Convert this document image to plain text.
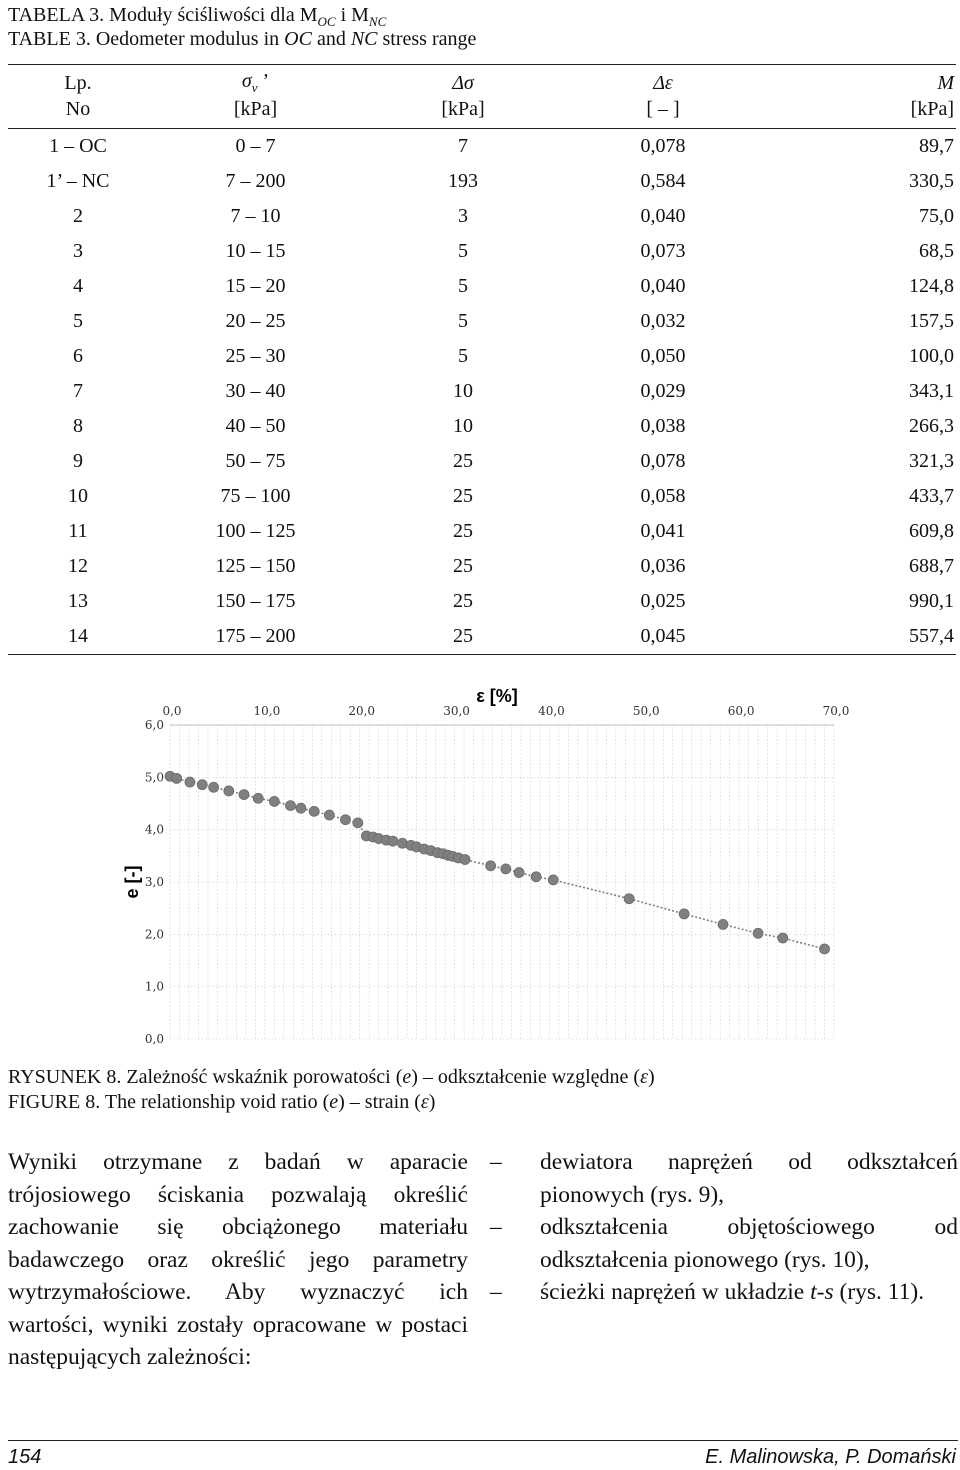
TABELA 3. Moduły ściśliwości dla $M_{OC}$ i $M_{NC}$
TABLE 3. Oedometer modulus in OC and NC stress range
Lp.	$\sigma_v$ ’	Δσ	Δε	M
No	[kPa]	[kPa]	[ – ]	[kPa]
1 – OC	0 – 7	7	0,078	89,7
1’ – NC	7 – 200	193	0,584	330,5
2	7 – 10	3	0,040	75,0
3	10 – 15	5	0,073	68,5
4	15 – 20	5	0,040	124,8
5	20 – 25	5	0,032	157,5
6	25 – 30	5	0,050	100,0
7	30 – 40	10	0,029	343,1
8	40 – 50	10	0,038	266,3
9	50 – 75	25	0,078	321,3
10	75 – 100	25	0,058	433,7
11	100 – 125	25	0,041	609,8
12	125 – 150	25	0,036	688,7
13	150 – 175	25	0,025	990,1
14	175 – 200	25	0,045	557,4
0,0	10,0	20,0	30,0	40,0	50,0	60,0	70,0
6,0
5,0
4,0
3,0
2,0
1,0
0,0
ε [%]
e [-]
RYSUNEK 8. Zależność wskaźnik porowatości (e) – odkształcenie względne (ε)
FIGURE 8. The relationship void ratio (e) – strain (ε)
Wyniki otrzymane z badań w aparacie trójosiowego ściskania pozwalają określić zachowanie się obciążonego materiału badawczego oraz określić jego parametry wytrzymałościowe. Aby wyznaczyć ich wartości, wyniki zostały opracowane w postaci następujących zależności:
– dewiatora naprężeń od odkształceń pionowych (rys. 9),
– odkształcenia objętościowego od odkształcenia pionowego (rys. 10),
– ścieżki naprężeń w układzie t-s (rys. 11).
154	E. Malinowska, P. Domański
